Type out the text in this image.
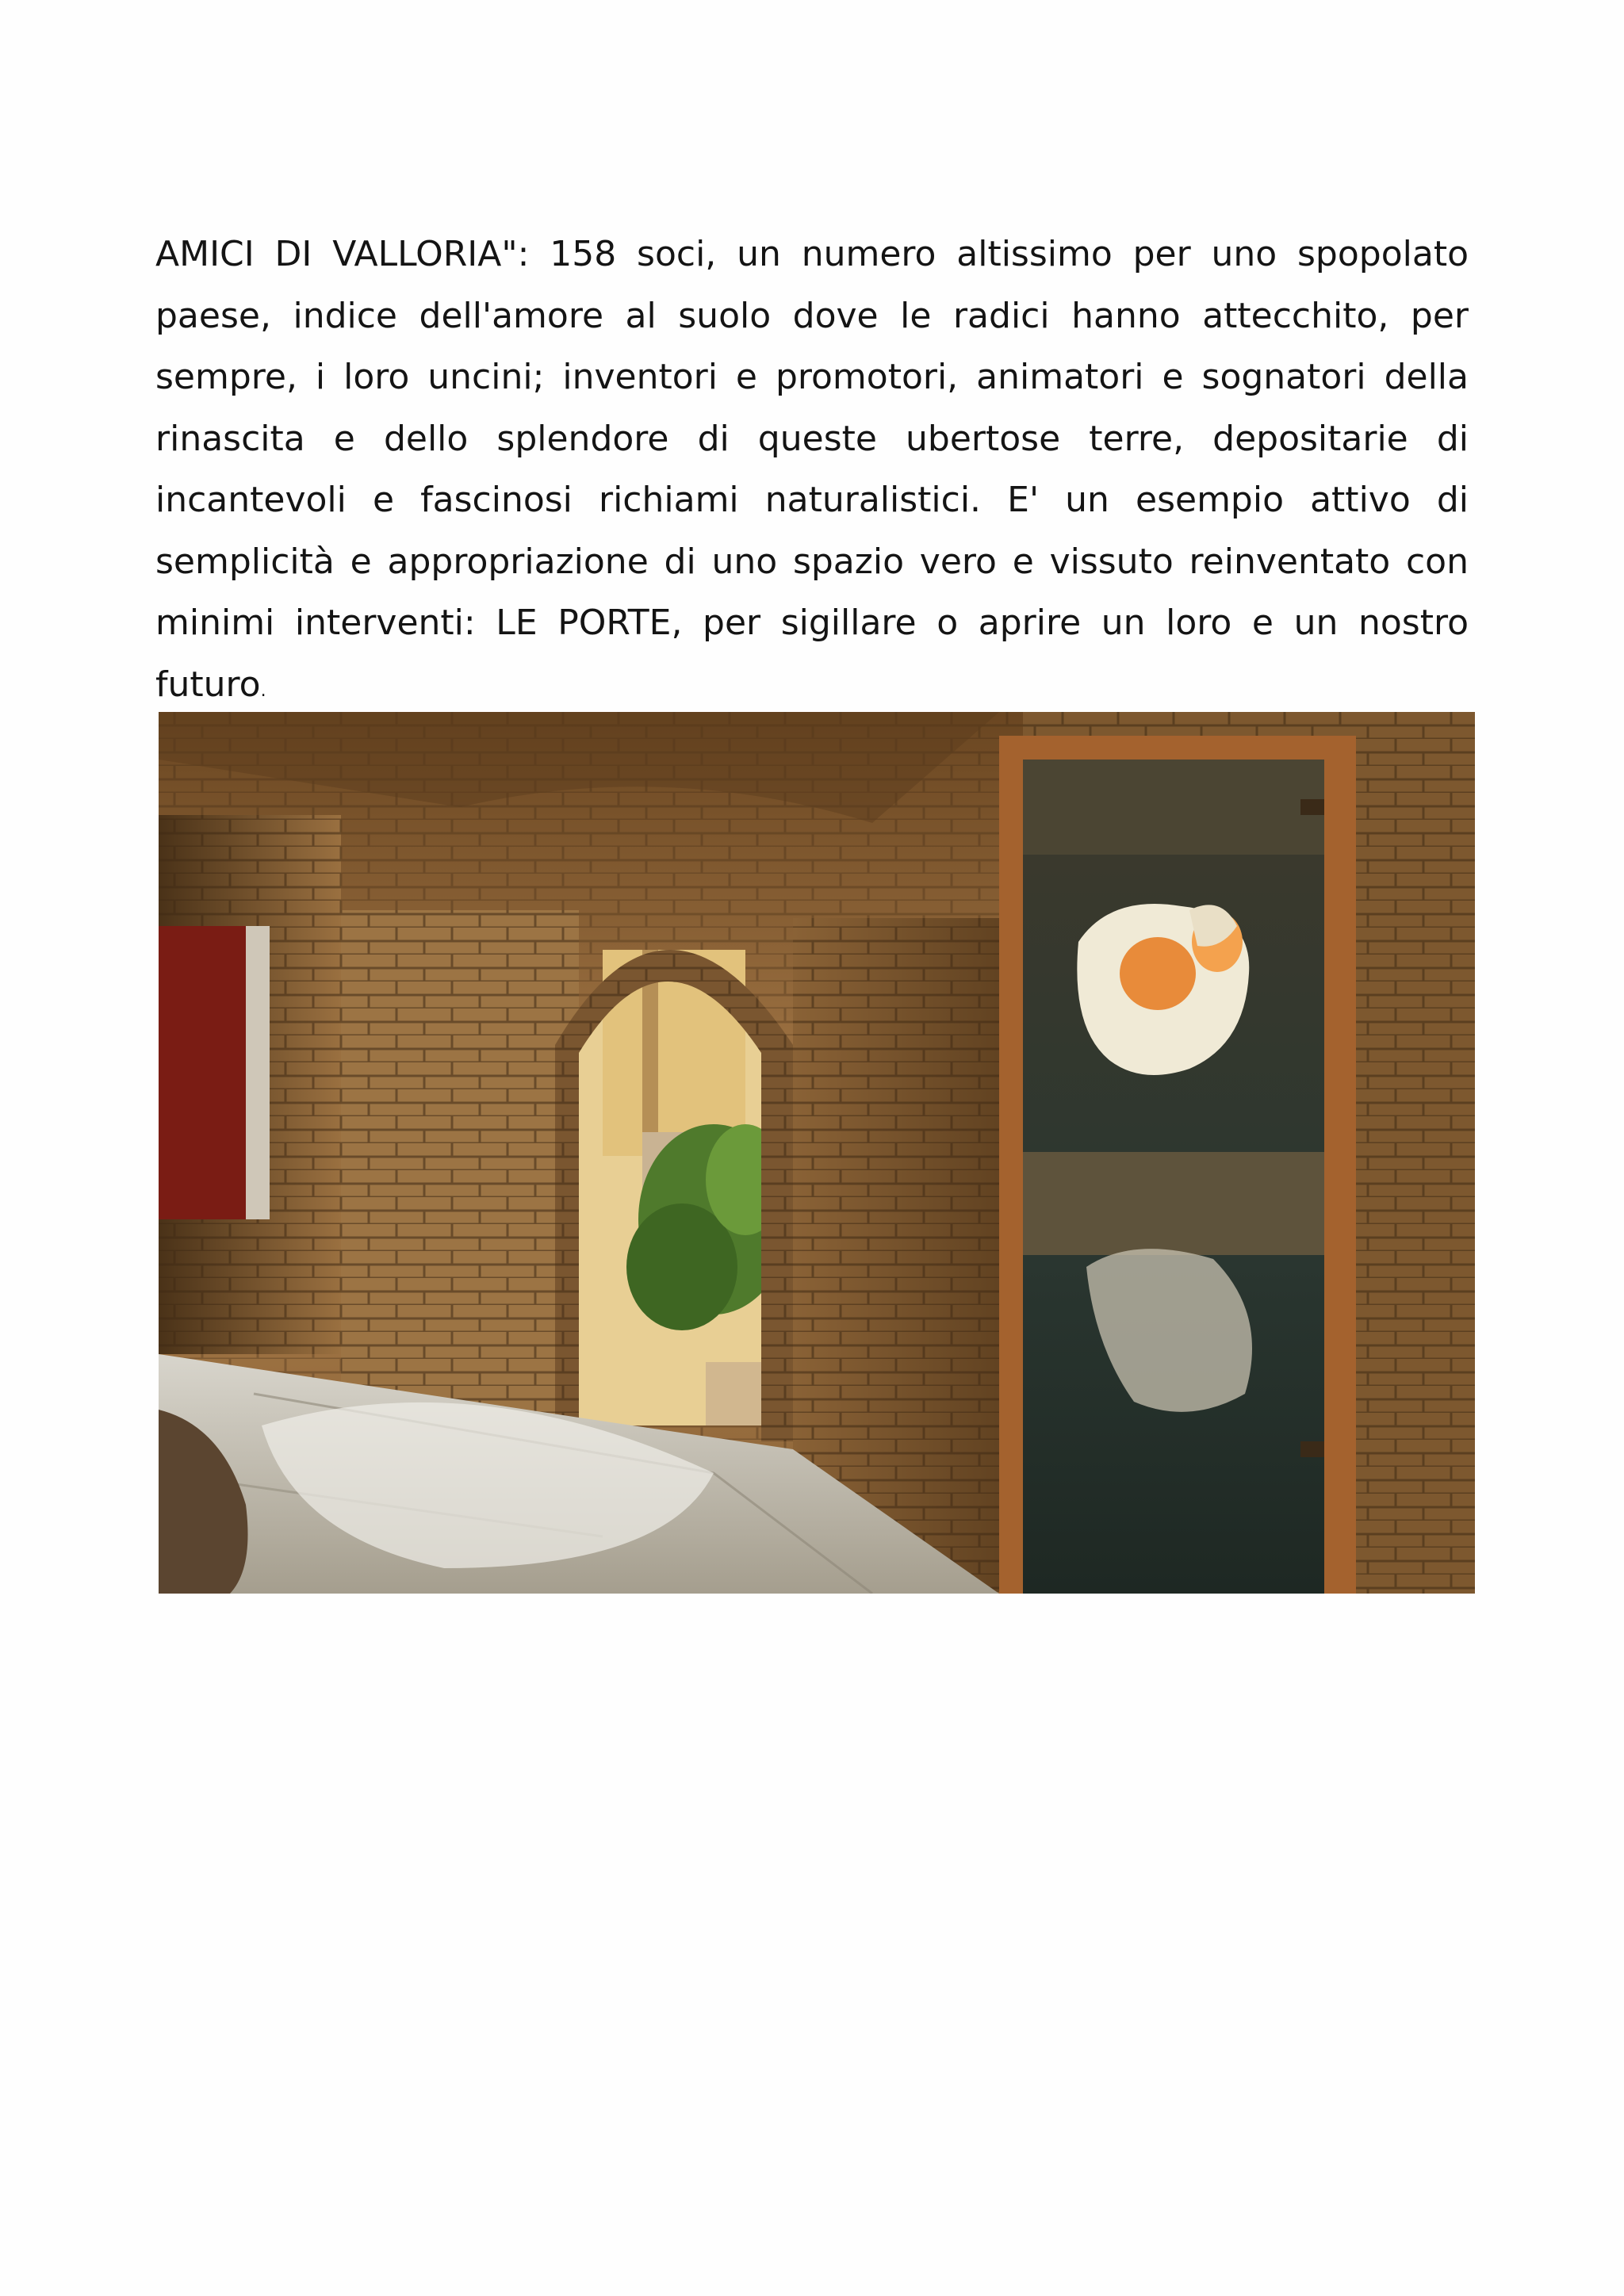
AMICI DI VALLORIA": 158 soci, un numero altissimo per uno spopolato paese, indice dell'amore al suolo dove le radici hanno attecchito, per sempre, i loro uncini; inventori e promotori, animatori e sognatori della rinascita e dello splendore di queste ubertose terre, depositarie di incantevoli e fascinosi richiami naturalistici. E' un esempio attivo di semplicità e appropriazione di uno spazio vero e vissuto reinventato con minimi interventi: LE PORTE, per sigillare o aprire un loro e un nostro futuro.
